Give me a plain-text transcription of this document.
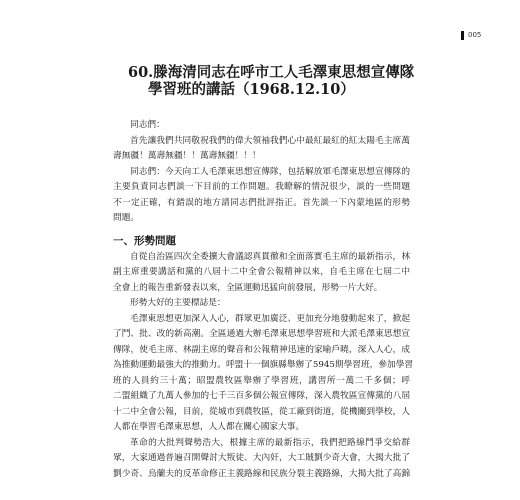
005
60.滕海清同志在呼市工人毛澤東思想宣傳隊
學習班的講話（1968.12.10）
同志們：
首先讓我們共同敬祝我們的偉大領袖我們心中最紅最紅的紅太陽毛主席萬
壽無疆！萬壽無疆！！萬壽無疆！！！
同志們：今天向工人毛澤東思想宣傳隊，包括解放軍毛澤東思想宣傳隊的
主要負責同志們談一下目前的工作問題。我瞭解的情況很少，談的一些問題
不一定正確，有錯誤的地方請同志們批評指正。首先談一下內蒙地區的形勢
問題。
一、形勢問題
自從自治區四次全委擴大會議認真貫徹和全面落實毛主席的最新指示，林
副主席重要講話和黨的八屆十二中全會公報精神以來，自毛主席在七屆二中
全會上的報告重新發表以來，全區運動迅猛向前發展，形勢一片大好。
形勢大好的主要標誌是：
毛澤東思想更加深入人心，群眾更加廣泛、更加充分地發動起來了，掀起
了鬥、批、改的新高潮。全區通過大辦毛澤東思想學習班和大派毛澤東思想宣
傳隊，使毛主席、林副主席的聲音和公報精神迅速的家喻戶曉，深入人心，成
為推動運動最強大的推動力。呼盟十一個旗縣舉辦了5945期學習班，參加學習
班的人員約三十萬；昭盟農牧區舉辦了學習班，講習所一萬二千多個；呼
二盟組織了九萬人參加的七千三百多個公報宣傳隊，深入農牧區宣傳黨的八屆
十二中全會公報，目前，從城市到農牧區，從工廠到街道，從機關到學校，人
人都在學習毛澤東思想，人人都在關心國家大事。
革命的大批判聲勢浩大，根據主席的最新指示，我們把路線鬥爭交給群
眾，大家通過普遍召開聲討大叛徒、大內奸，大工賊劉少奇大會，大揭大批了
劉少奇、烏蘭夫的反革命修正主義路線和民族分裂主義路線，大揭大批了高錦
